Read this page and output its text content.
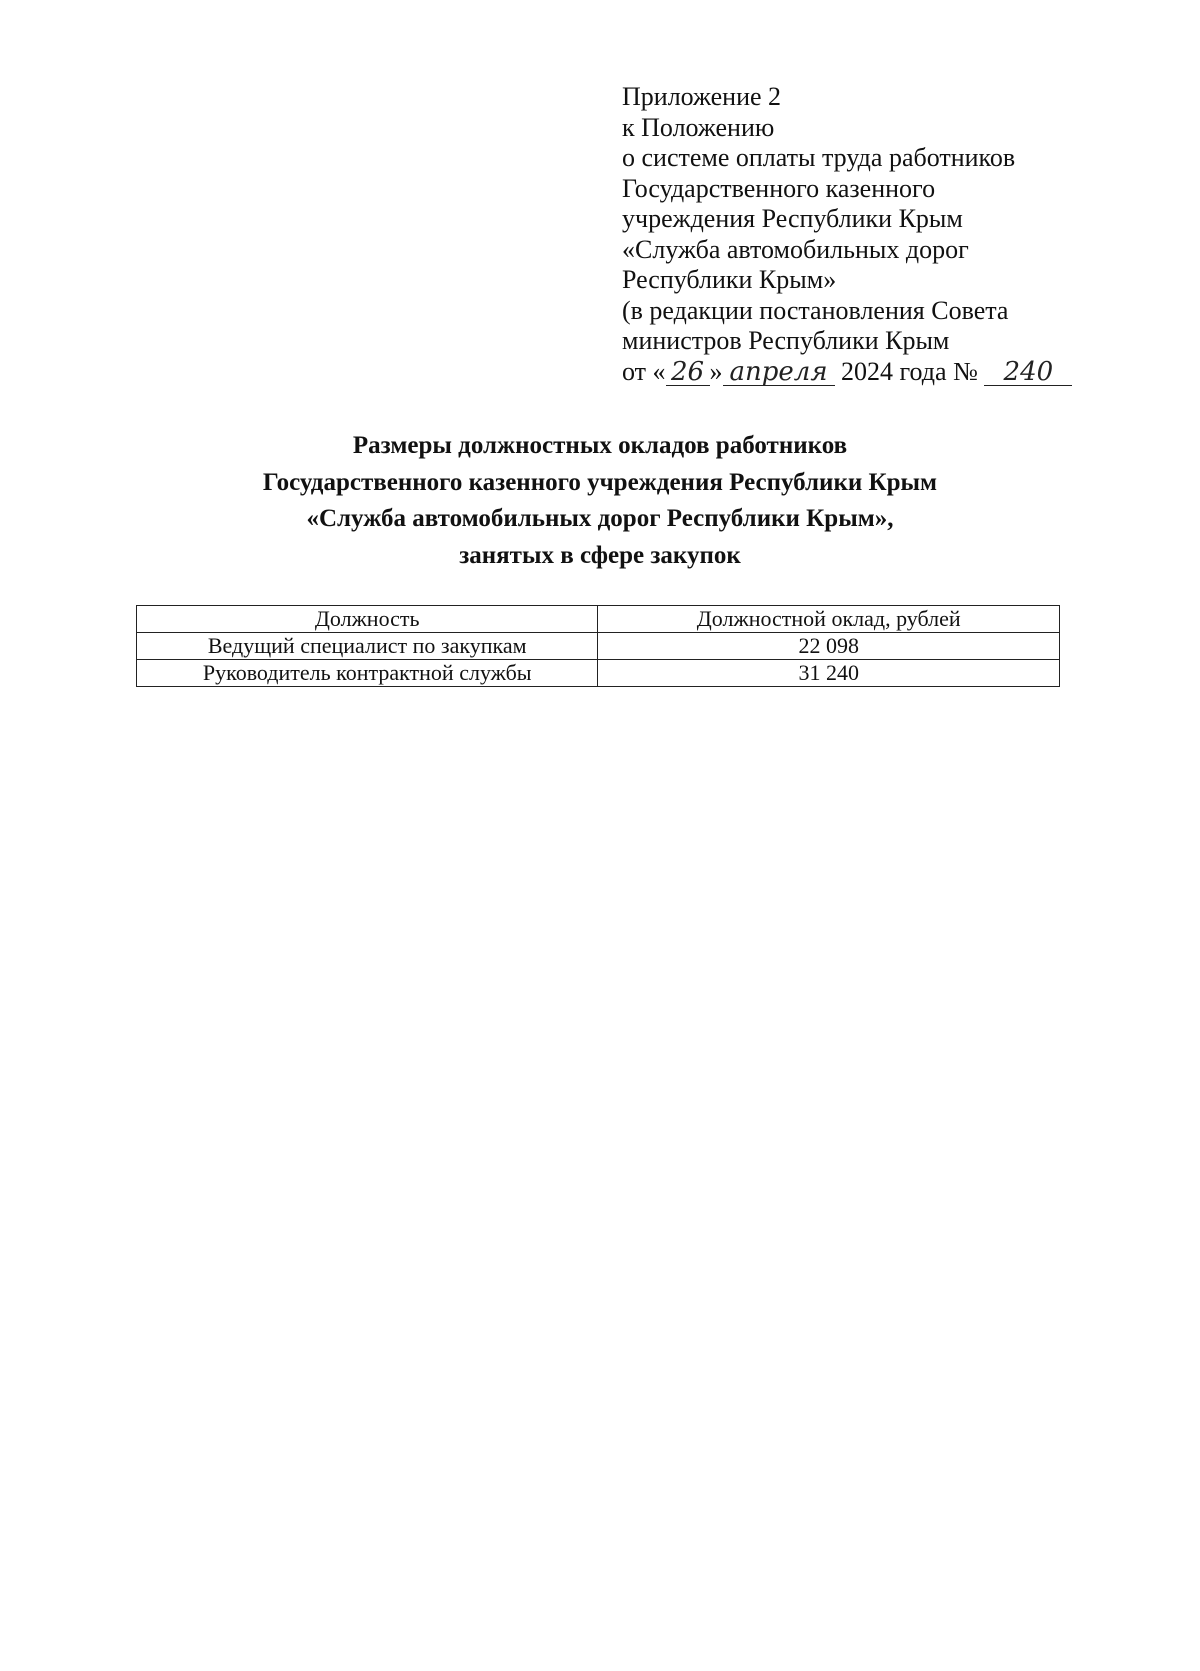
Приложение 2
к Положению
о системе оплаты труда работников
Государственного казенного
учреждения Республики Крым
«Служба автомобильных дорог
Республики Крым»
(в редакции постановления Совета
министров Республики Крым
от « 26 » апреля 2024 года № 240
Размеры должностных окладов работников
Государственного казенного учреждения Республики Крым
«Служба автомобильных дорог Республики Крым»,
занятых в сфере закупок
Должность	Должностной оклад, рублей
Ведущий специалист по закупкам	22 098
Руководитель контрактной службы	31 240
